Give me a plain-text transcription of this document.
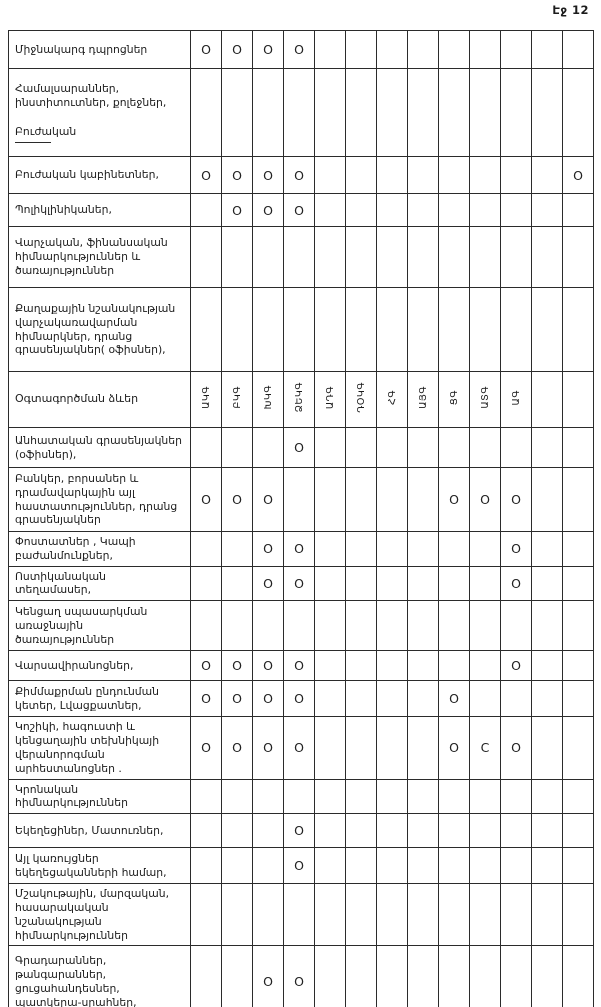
Էջ 12
Միջնակարգ դպրոցներ	O	O	O	O									

Համալսարաններ, ինստիտուտներ, քոլեջներ,
Բուժական													

Բուժական կաբինետներ,	O	O	O	O									O

Պոլիկլինիկաներ,		O	O	O									

Վարչական, ֆինանսական հիմնարկություններ և ծառայություններ													

Քաղաքային նշանակության վարչակառավարման հիմնարկներ, դրանց գրասենյակներ( օֆիսներ),													

Օգտագործման ձևեր	ԱԿԳ	ԲԿԳ	ԽԿԳ	ՁԵԿԳ	ԱԴԳ	ԴՕԿԳ	ՀԳ	ԱՅԳ	ՑԳ	ԱՏԳ	ԱԳ		

Անհատական գրասենյակներ (օֆիսներ),				O									

Բանկեր, բորսաներ և դրամավարկային այլ հաստատություններ, դրանց գրասենյակներ	O	O	O						O	O	O		

Փոստատներ , Կապի բաժանմունքներ,			O	O							O		

Ոստիկանական տեղամասեր,			O	O							O		

Կենցաղ սպասարկման առաջնային ծառայություններ													

Վարսավիրանոցներ,	O	O	O	O							O		

Քիմմաքրման ընդունման կետեր, Լվացքատներ,	O	O	O	O					O				

Կոշիկի, հագուստի և կենցաղային տեխնիկայի վերանորոգման արհեստանոցներ .	O	O	O	O					O	C	O		

Կրոնական հիմնարկություններ													

Եկեղեցիներ, Մատուռներ,				O									

Այլ կառույցներ եկեղեցականների համար,				O									

Մշակութային, մարզական, հասարակական նշանակության հիմնարկություններ													

Գրադարաններ, թանգարաններ, ցուցահանդեսներ, պատկերա-սրահներ,			O	O									
